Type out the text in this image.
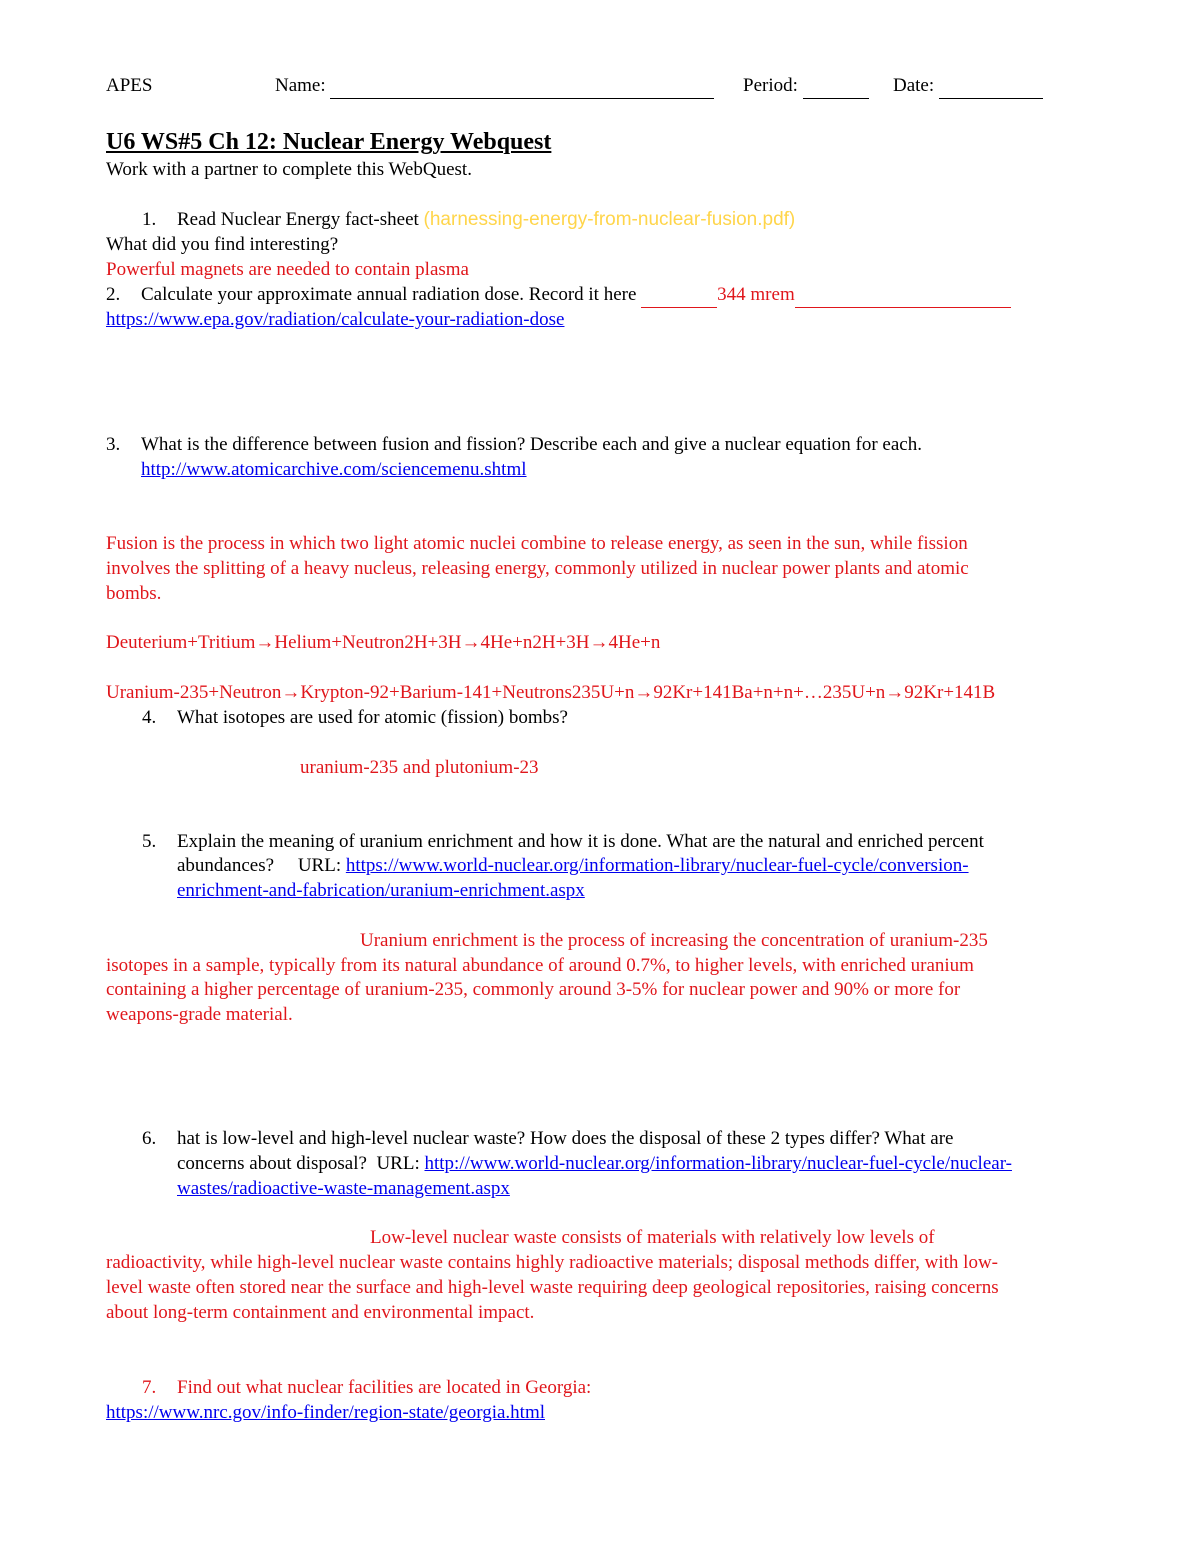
APES	Name:	Period:	Date:
U6 WS#5 Ch 12: Nuclear Energy Webquest
Work with a partner to complete this WebQuest.
1. Read Nuclear Energy fact-sheet (harnessing-energy-from-nuclear-fusion.pdf)
What did you find interesting?
Powerful magnets are needed to contain plasma
2. Calculate your approximate annual radiation dose. Record it here	344 mrem
https://www.epa.gov/radiation/calculate-your-radiation-dose
3. What is the difference between fusion and fission? Describe each and give a nuclear equation for each.
http://www.atomicarchive.com/sciencemenu.shtml
Fusion is the process in which two light atomic nuclei combine to release energy, as seen in the sun, while fission
involves the splitting of a heavy nucleus, releasing energy, commonly utilized in nuclear power plants and atomic
bombs.
Deuterium+Tritium→Helium+Neutron2H+3H→4He+n2H+3H→4He+n
Uranium-235+Neutron→Krypton-92+Barium-141+Neutrons235U+n→92Kr+141Ba+n+n+…235U+n→92Kr+141B
4. What isotopes are used for atomic (fission) bombs?
uranium-235 and plutonium-23
5. Explain the meaning of uranium enrichment and how it is done. What are the natural and enriched percent
abundances? URL: https://www.world-nuclear.org/information-library/nuclear-fuel-cycle/conversion-
enrichment-and-fabrication/uranium-enrichment.aspx
Uranium enrichment is the process of increasing the concentration of uranium-235
isotopes in a sample, typically from its natural abundance of around 0.7%, to higher levels, with enriched uranium
containing a higher percentage of uranium-235, commonly around 3-5% for nuclear power and 90% or more for
weapons-grade material.
6. hat is low-level and high-level nuclear waste? How does the disposal of these 2 types differ? What are
concerns about disposal? URL: http://www.world-nuclear.org/information-library/nuclear-fuel-cycle/nuclear-
wastes/radioactive-waste-management.aspx
Low-level nuclear waste consists of materials with relatively low levels of
radioactivity, while high-level nuclear waste contains highly radioactive materials; disposal methods differ, with low-
level waste often stored near the surface and high-level waste requiring deep geological repositories, raising concerns
about long-term containment and environmental impact.
7. Find out what nuclear facilities are located in Georgia:
https://www.nrc.gov/info-finder/region-state/georgia.html
